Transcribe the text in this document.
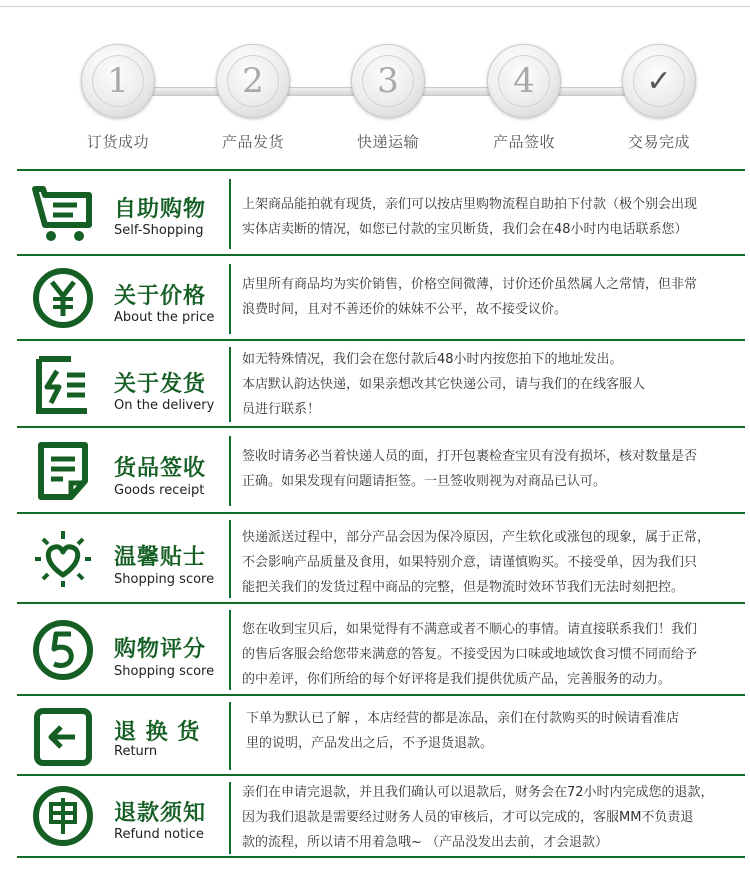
1
订货成功
2
产品发货
3
快递运输
4
产品签收
✓
交易完成
自助购物
Self-Shopping

上架商品能拍就有现货，亲们可以按店里购物流程自助拍下付款（极个别会出现

实体店卖断的情况，如您已付款的宝贝断货，我们会在48小时内电话联系您）

关于价格
About the price

店里所有商品均为实价销售，价格空间微薄，讨价还价虽然属人之常情，但非常

浪费时间，且对不善还价的妹妹不公平，故不接受议价。

关于发货
On the delivery

如无特殊情况，我们会在您付款后48小时内按您拍下的地址发出。

本店默认韵达快递，如果亲想改其它快递公司，请与我们的在线客服人

员进行联系！

货品签收
Goods receipt

签收时请务必当着快递人员的面，打开包裹检查宝贝有没有损坏，核对数量是否

正确。如果发现有问题请拒签。一旦签收则视为对商品已认可。

温馨贴士
Shopping score

快递派送过程中，部分产品会因为保冷原因，产生软化或涨包的现象，属于正常，

不会影响产品质量及食用，如果特别介意，请谨慎购买。不接受单，因为我们只

能把关我们的发货过程中商品的完整，但是物流时效环节我们无法时刻把控。

购物评分
Shopping score

您在收到宝贝后，如果觉得有不满意或者不顺心的事情。请直接联系我们！我们

的售后客服会给您带来满意的答复。不接受因为口味或地域饮食习惯不同而给予

的中差评，你们所给的每个好评将是我们提供优质产品，完善服务的动力。

退 换 货
Return

下单为默认已了解 ，本店经营的都是冻品，亲们在付款购买的时候请看准店

里的说明，产品发出之后，不予退货退款。

退款须知
Refund notice

亲们在申请完退款，并且我们确认可以退款后，财务会在72小时内完成您的退款，

因为我们退款是需要经过财务人员的审核后，才可以完成的，客服MM不负责退

款的流程，所以请不用着急哦~ （产品没发出去前，才会退款）
